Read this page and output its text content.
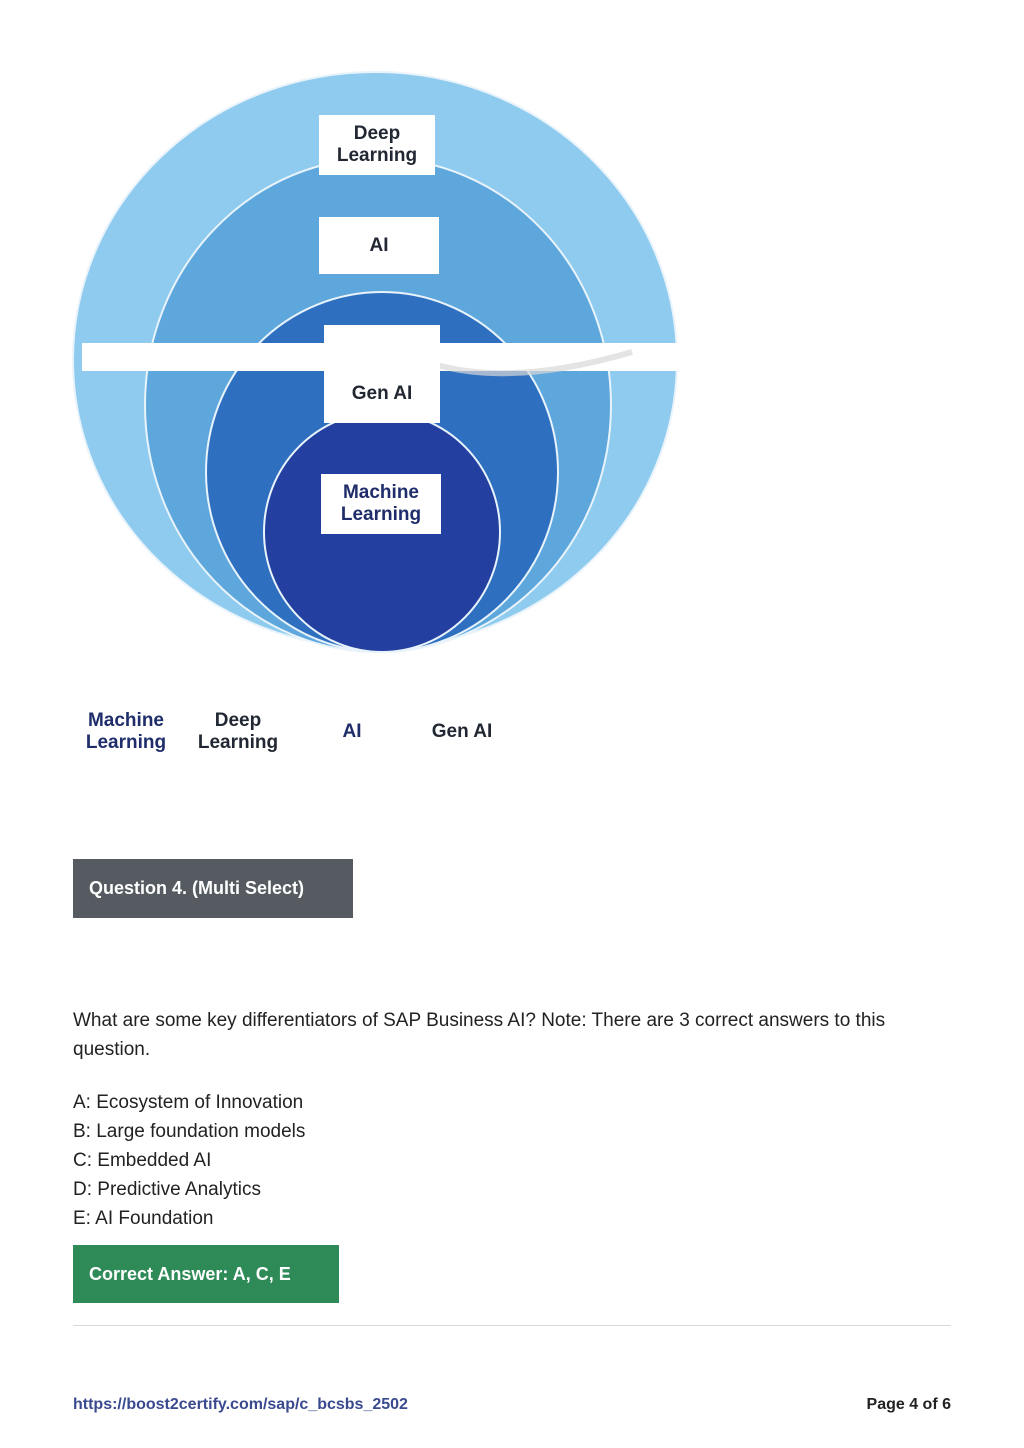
Deep
Learning
AI
Gen AI
Machine
Learning
Machine
Learning
Deep
Learning
AI	Gen AI
Question 4. (Multi Select)
What are some key differentiators of SAP Business AI? Note: There are 3 correct answers to this question.
A: Ecosystem of Innovation
B: Large foundation models
C: Embedded AI
D: Predictive Analytics
E: AI Foundation
Correct Answer: A, C, E
https://boost2certify.com/sap/c_bcsbs_2502	Page 4 of 6
